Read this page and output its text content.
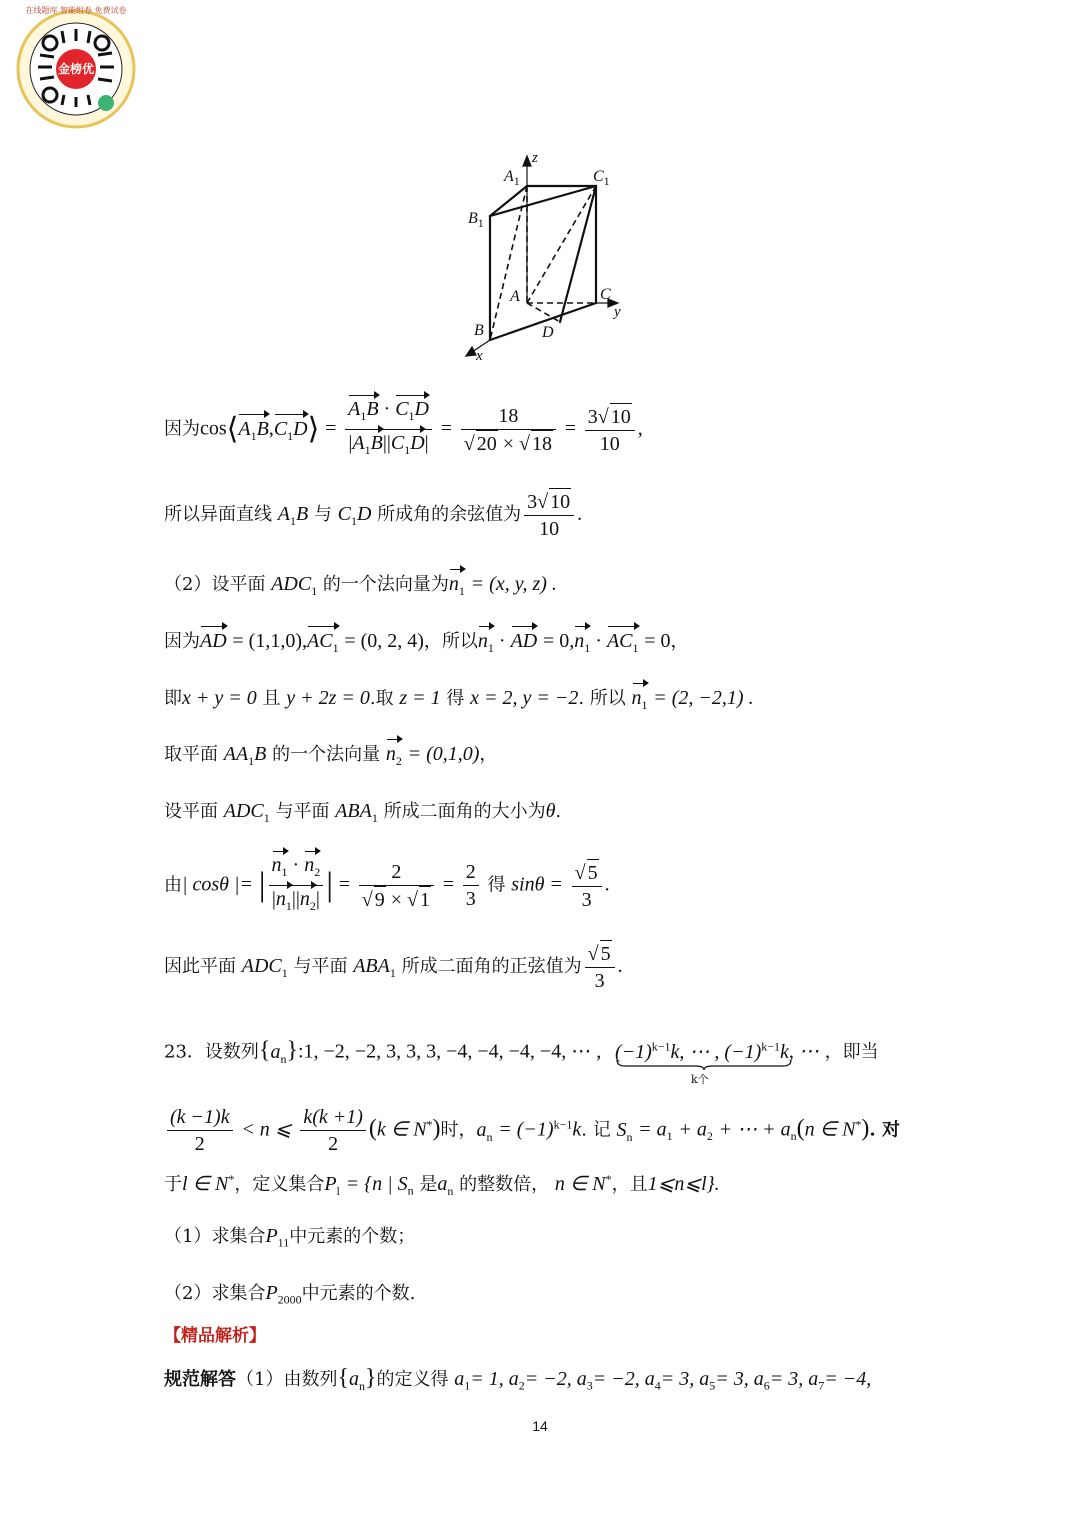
金榜优
在线题库 智能组卷 免费试卷
z
$A_1$	$C_1$
$B_1$
A	C
y
B	D
x
因为$\cos⟨A_1B,C_1D⟩ = \frac{A_1B \cdot C_1D}{|A_1B||C_1D|} = \frac{18}{√ 20 \times √ 18} = \frac{3√ 10}{10}$ ,
所以异面直线 $A_1B$ 与 $C_1D$ 所成角的余弦值为 $\frac{3√ 10}{10}$ .
（2）设平面 $ADC_1$ 的一个法向量为$n_1 = (x$, y, z) .
因为AD = $(1,1,0),AC_1 = (0$, 2, 4)，所以$n_1$ · AD = $0,n_1 \cdot AC_1 = 0$，
即x + y = 0 且 y + 2z = 0.取 z = 1 得 x = 2, y = −2. 所以 $n_1 = (2$, −2,1) .
取平面 $AA_1B$ 的一个法向量 $n_2 = (0,1,0)$，
设平面 $ADC_1$ 与平面 $ABA_1$ 所成二面角的大小为θ.
由| cosθ |= | $\frac{n_1 \cdot n_2}{|n_1||n_2|}$ | = $\frac{2}{√ 9 \times √ 1} = \frac{2}{3}$ 得 $\sin\theta = \frac{√ 5}{3}$ .
因此平面 $ADC_1$ 与平面 $ABA_1$ 所成二面角的正弦值为 $\frac{√ 5}{3}$ .
23．设数列$\{a_n\}:1$, −2, −2, 3, 3, 3, −4, −4, −4, −4, ⋯ , $(-1)^{k-1}k$, ⋯ , $(-1)^{k-1}k$
k个
, ⋯ ，即当
$\frac{(k -1)k}{2} < n$ ⩽ $\frac{k(k +1)}{2} (k$ ∈ N*)时，$a_n = (-1)^{k-1}k$. 记 $S_n = a_1 + a_2$ + ⋯ + $a_n(n$ ∈ N*). 对
于l ∈ N*，定义集合$P_l = \{n$ | $S_n$ 是$a_n$ 的整数倍， n ∈ N*，且1⩽n⩽l}.
（1）求集合$P_{11}$中元素的个数；
（2）求集合$P_{2000}$中元素的个数.
【精品解析】
规范解答（1）由数列$\{a_n\}$的定义得 $a_1= 1$, $a_2= -2$, $a_3= -2$, $a_4= 3$, $a_5= 3$, $a_6= 3$, $a_7= -4$,
14
